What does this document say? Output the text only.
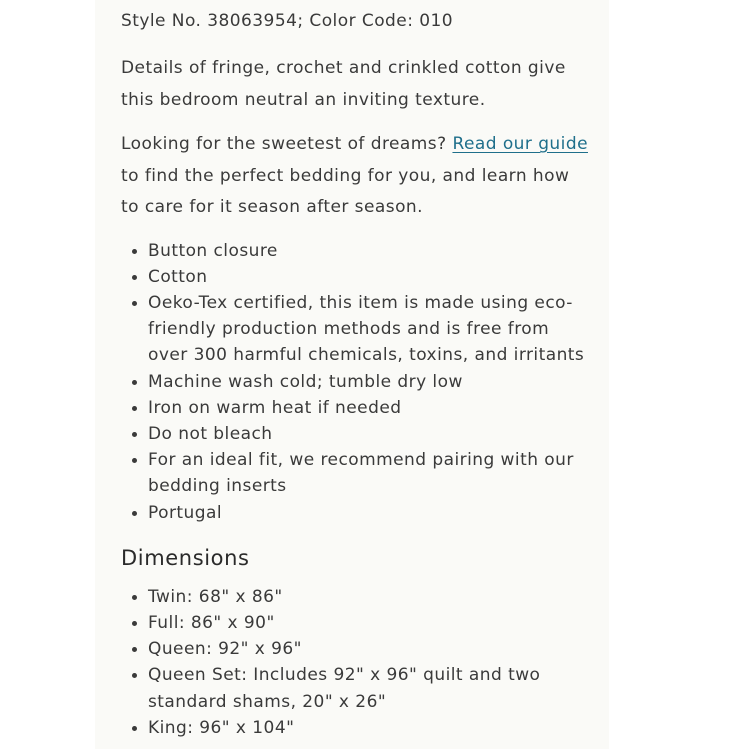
Style No. 38063954; Color Code: 010

Details of fringe, crochet and crinkled cotton give this bedroom neutral an inviting texture.

Looking for the sweetest of dreams? Read our guide to find the perfect bedding for you, and learn how to care for it season after season.

• Button closure
• Cotton
• Oeko-Tex certified, this item is made using eco-friendly production methods and is free from over 300 harmful chemicals, toxins, and irritants
• Machine wash cold; tumble dry low
• Iron on warm heat if needed
• Do not bleach
• For an ideal fit, we recommend pairing with our bedding inserts
• Portugal
Dimensions
• Twin: 68" x 86"
• Full: 86" x 90"
• Queen: 92" x 96"
• Queen Set: Includes 92" x 96" quilt and two standard shams, 20" x 26"
• King: 96" x 104"
